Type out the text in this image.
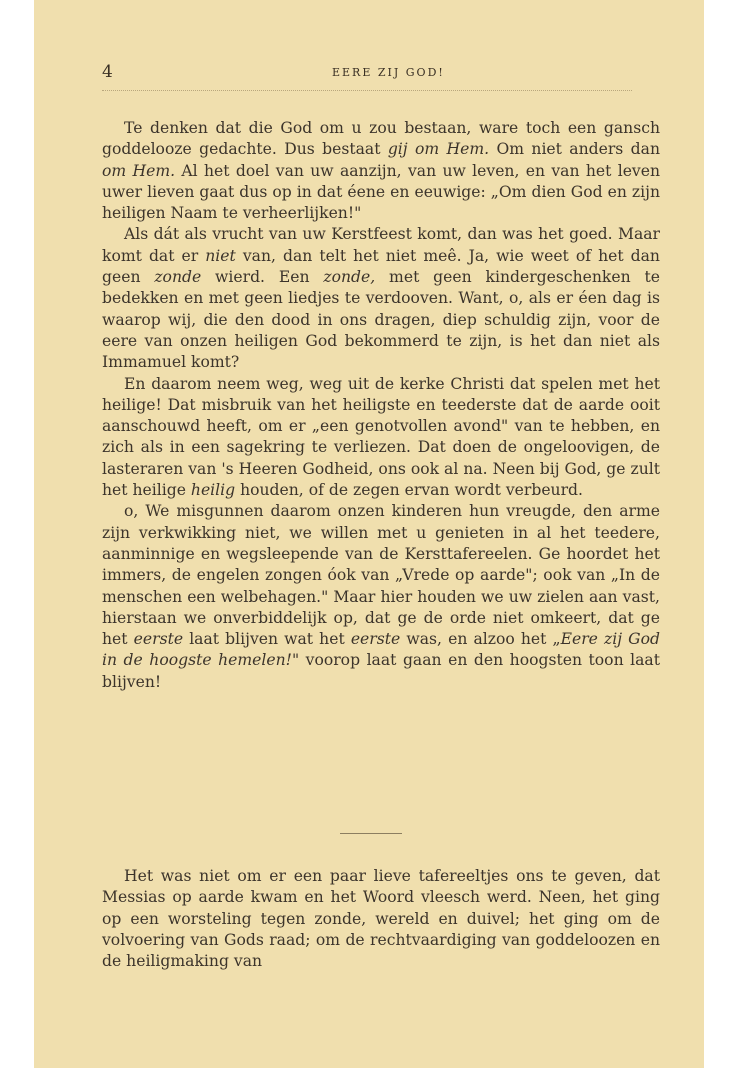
4	EERE ZIJ GOD!

Te denken dat die God om u zou bestaan, ware toch een gansch goddelooze gedachte. Dus bestaat gij om Hem. Om niet anders dan om Hem. Al het doel van uw aanzijn, van uw leven, en van het leven uwer lieven gaat dus op in dat éene en eeuwige: „Om dien God en zijn heiligen Naam te verheerlijken!"

Als dát als vrucht van uw Kerstfeest komt, dan was het goed. Maar komt dat er niet van, dan telt het niet meê. Ja, wie weet of het dan geen zonde wierd. Een zonde, met geen kindergeschenken te bedekken en met geen liedjes te verdooven. Want, o, als er éen dag is waarop wij, die den dood in ons dragen, diep schuldig zijn, voor de eere van onzen heiligen God bekommerd te zijn, is het dan niet als Immamuel komt?

En daarom neem weg, weg uit de kerke Christi dat spelen met het heilige! Dat misbruik van het heiligste en teederste dat de aarde ooit aanschouwd heeft, om er „een genotvollen avond" van te hebben, en zich als in een sagekring te verliezen. Dat doen de ongeloovigen, de lasteraren van 's Heeren Godheid, ons ook al na. Neen bij God, ge zult het heilige heilig houden, of de zegen ervan wordt verbeurd.

o, We misgunnen daarom onzen kinderen hun vreugde, den arme zijn verkwikking niet, we willen met u genieten in al het teedere, aanminnige en wegsleepende van de Kersttafereelen. Ge hoordet het immers, de engelen zongen óok van „Vrede op aarde"; ook van „In de menschen een welbehagen." Maar hier houden we uw zielen aan vast, hierstaan we onverbiddelijk op, dat ge de orde niet omkeert, dat ge het eerste laat blijven wat het eerste was, en alzoo het „Eere zij God in de hoogste hemelen!" voorop laat gaan en den hoogsten toon laat blijven!

Het was niet om er een paar lieve tafereeltjes ons te geven, dat Messias op aarde kwam en het Woord vleesch werd. Neen, het ging op een worsteling tegen zonde, wereld en duivel; het ging om de volvoering van Gods raad; om de rechtvaardiging van goddeloozen en de heiligmaking van
